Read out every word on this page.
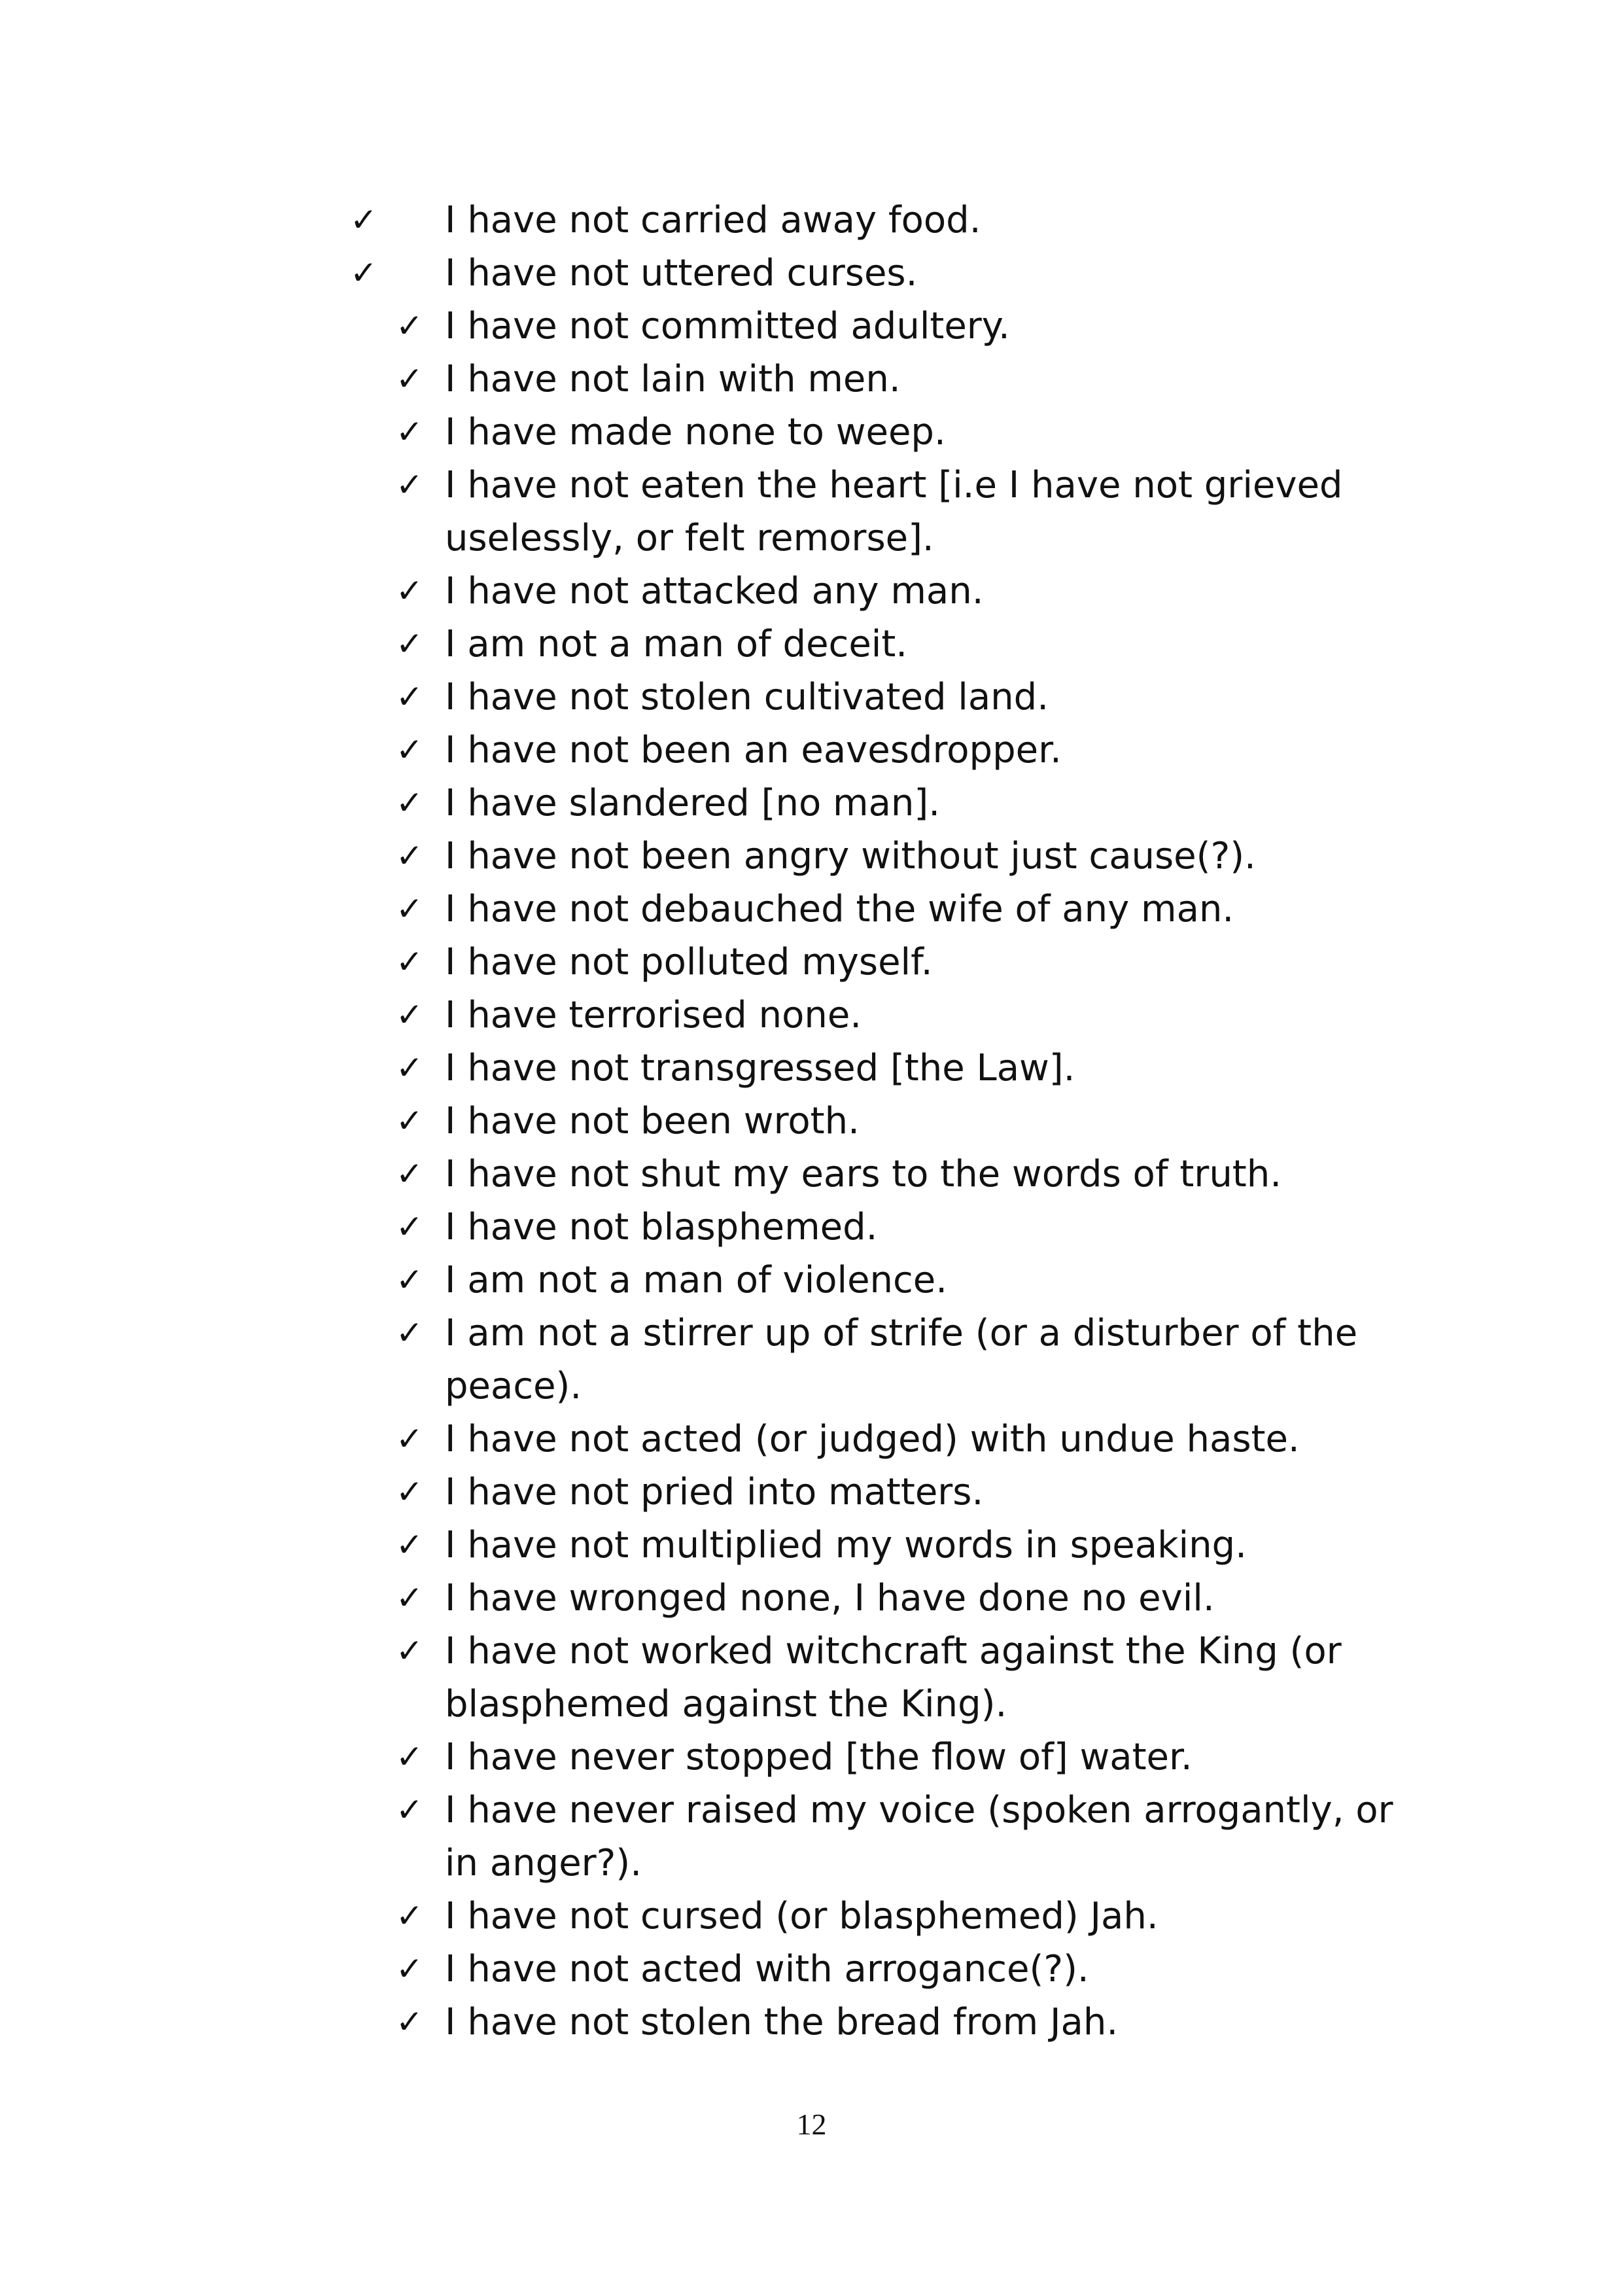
✓ I have not carried away food.
✓ I have not uttered curses.
✓ I have not committed adultery.
✓ I have not lain with men.
✓ I have made none to weep.
✓ I have not eaten the heart [i.e I have not grieved uselessly, or felt remorse].
✓ I have not attacked any man.
✓ I am not a man of deceit.
✓ I have not stolen cultivated land.
✓ I have not been an eavesdropper.
✓ I have slandered [no man].
✓ I have not been angry without just cause(?).
✓ I have not debauched the wife of any man.
✓ I have not polluted myself.
✓ I have terrorised none.
✓ I have not transgressed [the Law].
✓ I have not been wroth.
✓ I have not shut my ears to the words of truth.
✓ I have not blasphemed.
✓ I am not a man of violence.
✓ I am not a stirrer up of strife (or a disturber of the peace).
✓ I have not acted (or judged) with undue haste.
✓ I have not pried into matters.
✓ I have not multiplied my words in speaking.
✓ I have wronged none, I have done no evil.
✓ I have not worked witchcraft against the King (or blasphemed against the King).
✓ I have never stopped [the flow of] water.
✓ I have never raised my voice (spoken arrogantly, or in anger?).
✓ I have not cursed (or blasphemed) Jah.
✓ I have not acted with arrogance(?).
✓ I have not stolen the bread from Jah.
12
